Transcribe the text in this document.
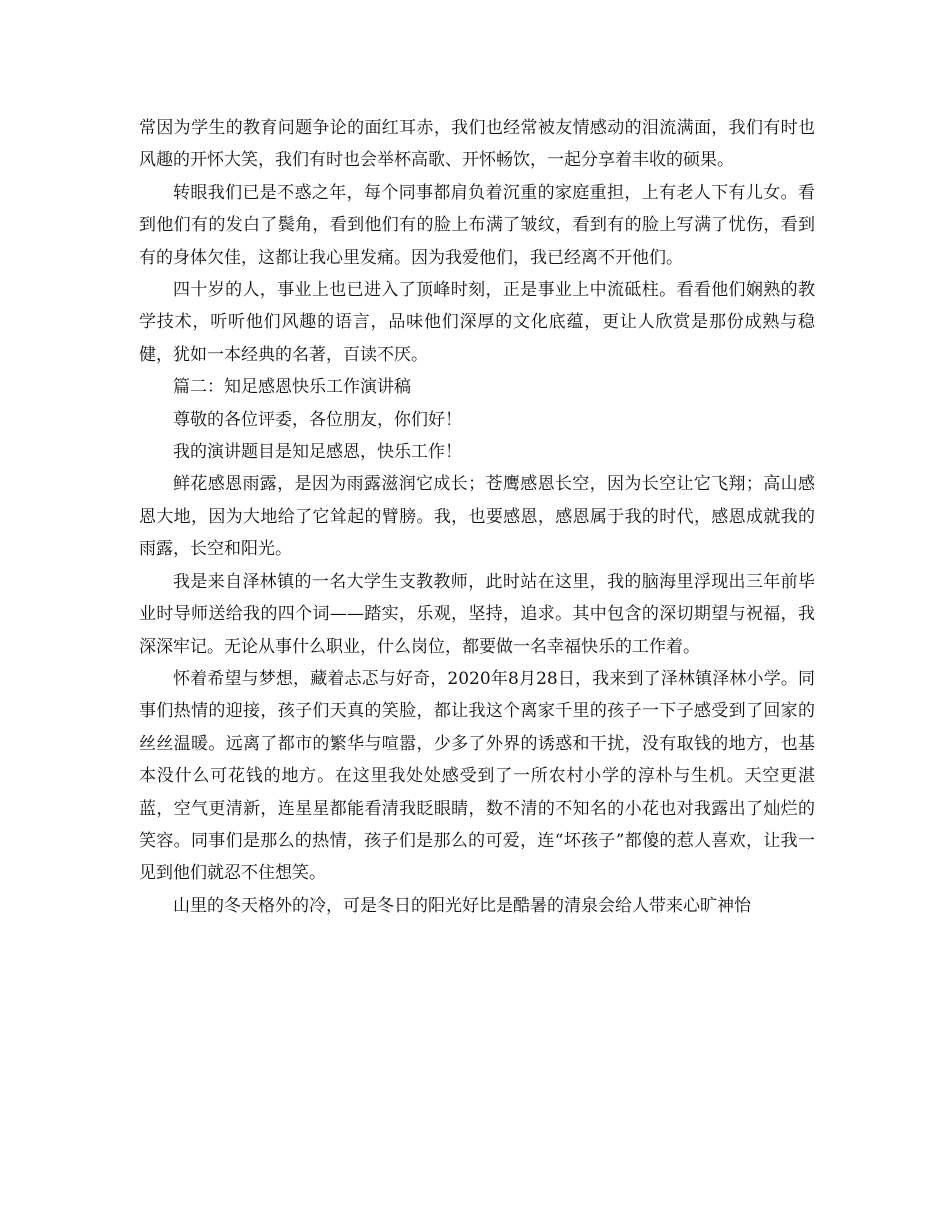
常因为学生的教育问题争论的面红耳赤，我们也经常被友情感动的泪流满面，我们有时也风趣的开怀大笑，我们有时也会举杯高歌、开怀畅饮，一起分享着丰收的硕果。

转眼我们已是不惑之年，每个同事都肩负着沉重的家庭重担，上有老人下有儿女。看到他们有的发白了鬓角，看到他们有的脸上布满了皱纹，看到有的脸上写满了忧伤，看到有的身体欠佳，这都让我心里发痛。因为我爱他们，我已经离不开他们。

四十岁的人，事业上也已进入了顶峰时刻，正是事业上中流砥柱。看看他们娴熟的教学技术，听听他们风趣的语言，品味他们深厚的文化底蕴，更让人欣赏是那份成熟与稳健，犹如一本经典的名著，百读不厌。

篇二：知足感恩快乐工作演讲稿

尊敬的各位评委，各位朋友，你们好！

我的演讲题目是知足感恩，快乐工作！

鲜花感恩雨露，是因为雨露滋润它成长；苍鹰感恩长空，因为长空让它飞翔；高山感恩大地，因为大地给了它耸起的臂膀。我，也要感恩，感恩属于我的时代，感恩成就我的雨露，长空和阳光。

我是来自泽林镇的一名大学生支教教师，此时站在这里，我的脑海里浮现出三年前毕业时导师送给我的四个词——踏实，乐观，坚持，追求。其中包含的深切期望与祝福，我深深牢记。无论从事什么职业，什么岗位，都要做一名幸福快乐的工作着。

怀着希望与梦想，藏着忐忑与好奇，2020年8月28日，我来到了泽林镇泽林小学。同事们热情的迎接，孩子们天真的笑脸，都让我这个离家千里的孩子一下子感受到了回家的丝丝温暖。远离了都市的繁华与喧嚣，少多了外界的诱惑和干扰，没有取钱的地方，也基本没什么可花钱的地方。在这里我处处感受到了一所农村小学的淳朴与生机。天空更湛蓝，空气更清新，连星星都能看清我眨眼睛，数不清的不知名的小花也对我露出了灿烂的笑容。同事们是那么的热情，孩子们是那么的可爱，连“坏孩子”都傻的惹人喜欢，让我一见到他们就忍不住想笑。

山里的冬天格外的冷，可是冬日的阳光好比是酷暑的清泉会给人带来心旷神怡
